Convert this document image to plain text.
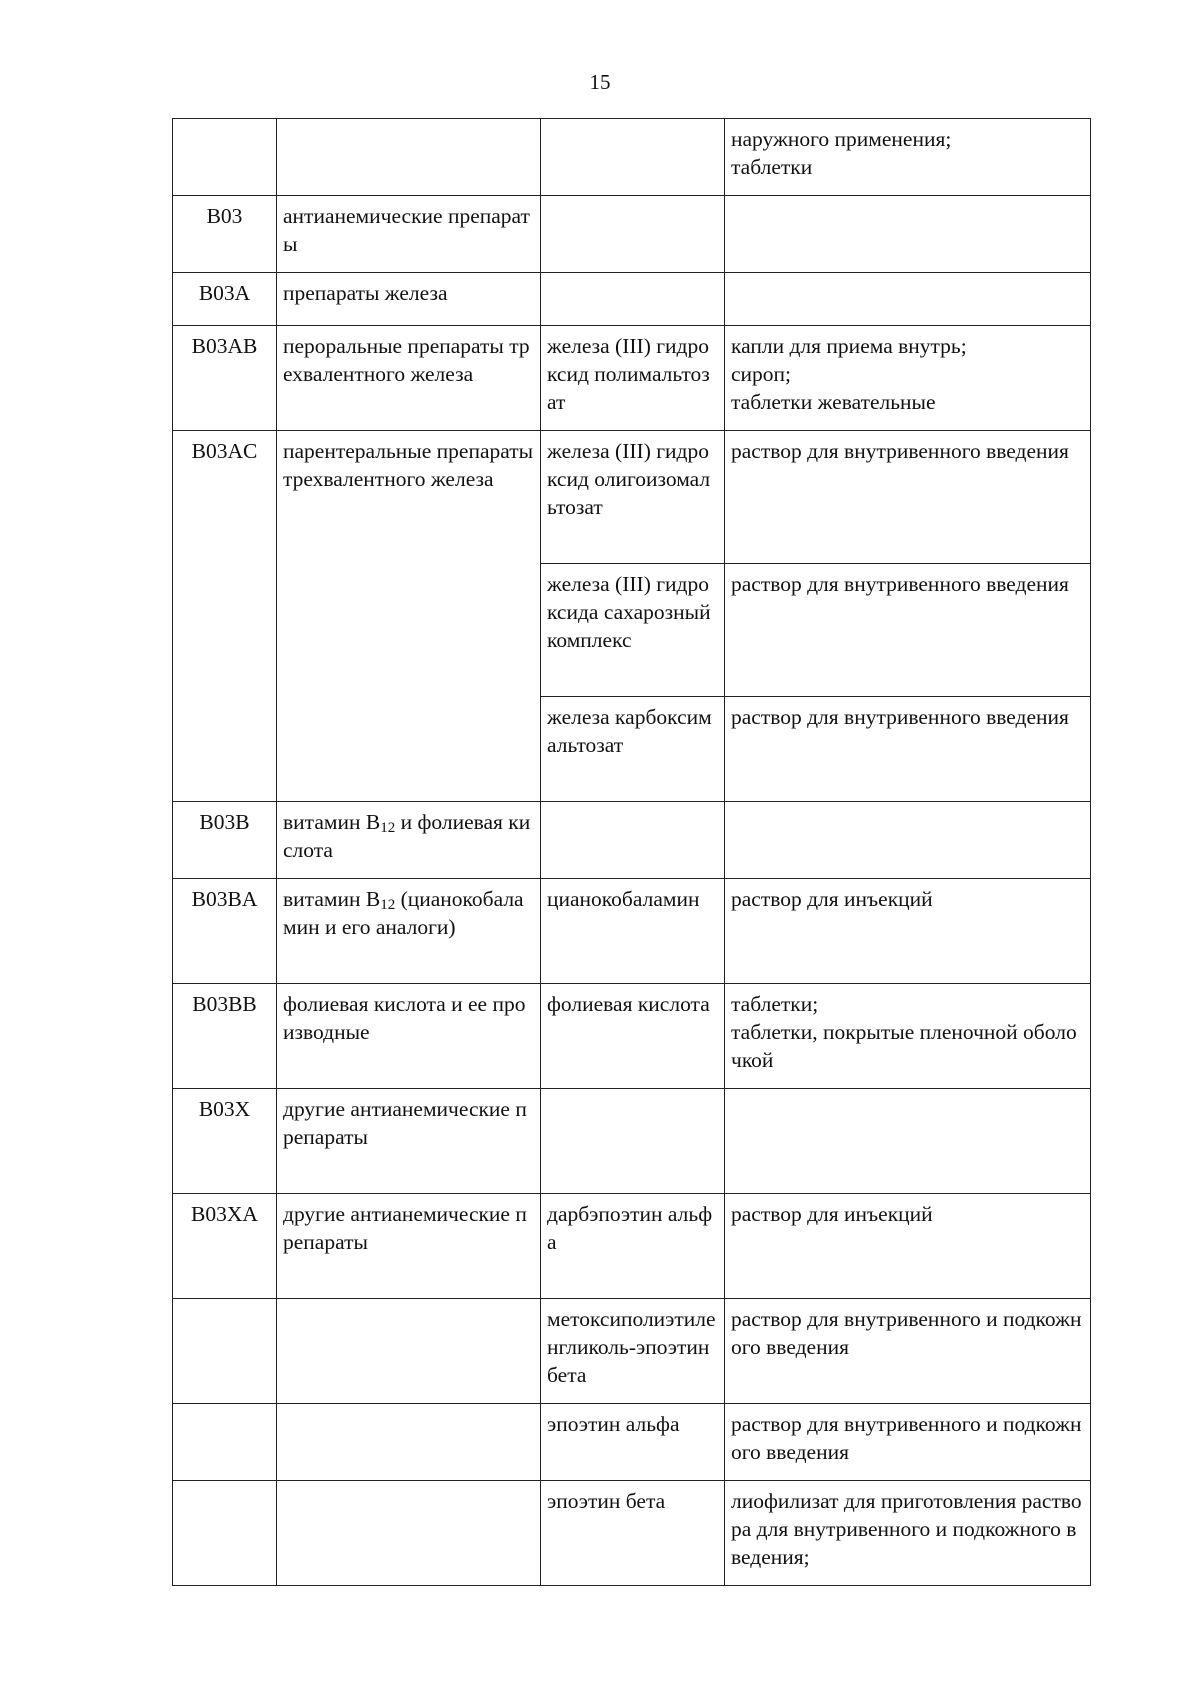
15
			наружного применения;
таблетки
B03	антианемические препараты		
B03A	препараты железа		
B03AB	пероральные препараты трехвалентного железа	железа (III) гидроксид полимальтозат	капли для приема внутрь;
сироп;
таблетки жевательные
B03AC	парентеральные препараты трехвалентного железа	железа (III) гидроксид олигоизомальтозат	раствор для внутривенного введения
		железа (III) гидроксида сахарозный комплекс	раствор для внутривенного введения
		железа карбоксимальтозат	раствор для внутривенного введения
B03B	витамин $B_{12}$ и фолиевая кислота		
B03BA	витамин $B_{12}$ (цианокобаламин и его аналоги)	цианокобаламин	раствор для инъекций
B03BB	фолиевая кислота и ее производные	фолиевая кислота	таблетки;
таблетки, покрытые пленочной оболочкой
B03X	другие антианемические препараты		
B03XA	другие антианемические препараты	дарбэпоэтин альфа	раствор для инъекций
		метоксиполиэтиленгликоль-эпоэтин бета	раствор для внутривенного и подкожного введения
		эпоэтин альфа	раствор для внутривенного и подкожного введения
		эпоэтин бета	лиофилизат для приготовления раствора для внутривенного и подкожного введения;
